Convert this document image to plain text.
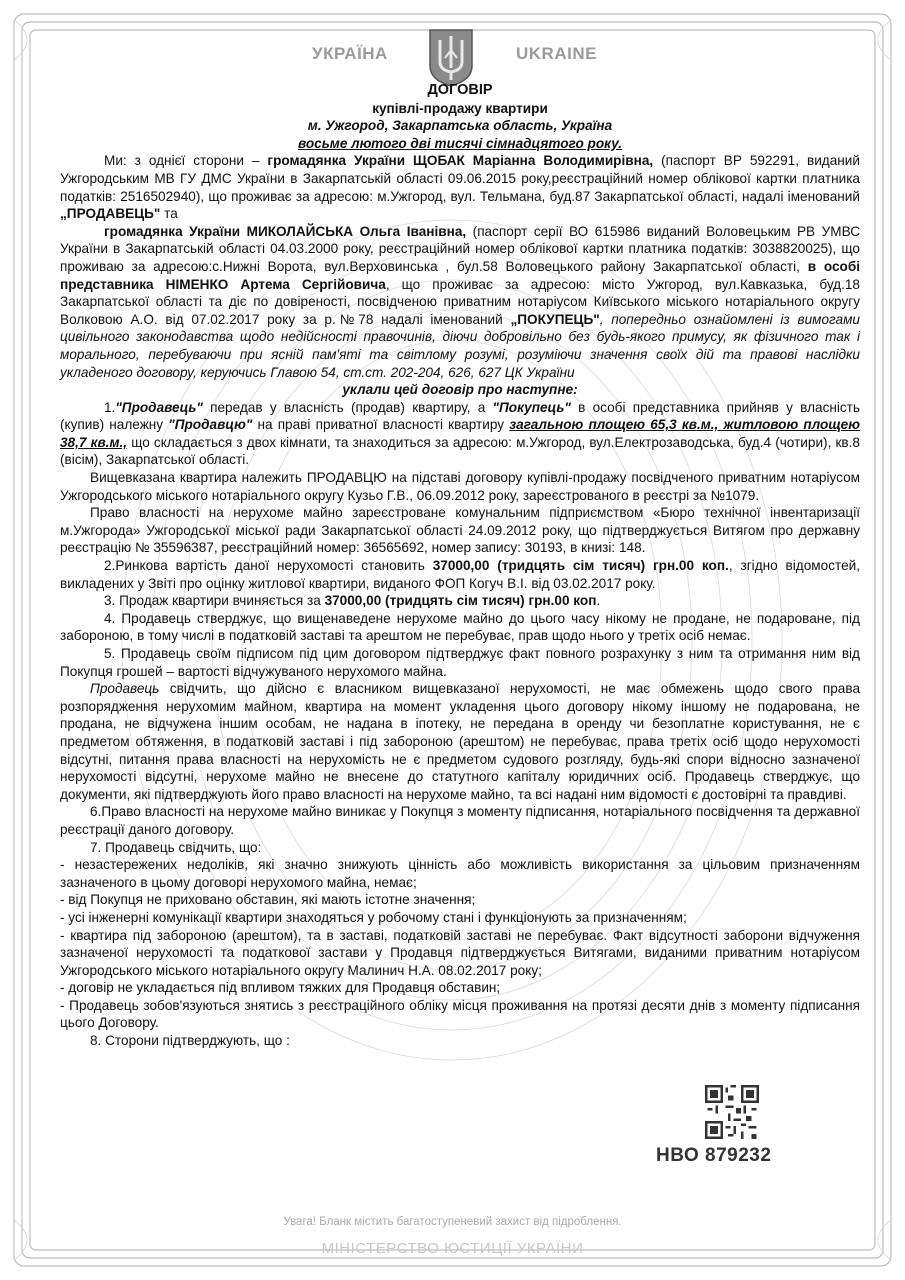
УКРАЇНА	UKRAINE
ДОГОВІР
купівлі-продажу квартири
м. Ужгород, Закарпатська область, Україна
восьме лютого дві тисячі сімнадцятого року.

Ми: з однієї сторони – громадянка України ЩОБАК Маріанна Володимирівна, (паспорт ВР 592291, виданий Ужгородським МВ ГУ ДМС України в Закарпатській області 09.06.2015 року,реєстраційний номер облікової картки платника податків: 2516502940), що проживає за адресою: м.Ужгород, вул. Тельмана, буд.87 Закарпатської області, надалі іменований „ПРОДАВЕЦЬ" та

громадянка України МИКОЛАЙСЬКА Ольга Іванівна, (паспорт серії ВО 615986 виданий Воловецьким РВ УМВС України в Закарпатській області 04.03.2000 року, реєстраційний номер облікової картки платника податків: 3038820025), що проживаю за адресою:с.Нижні Ворота, вул.Верховинська , бул.58 Воловецького району Закарпатської області, в особі представника НІМЕНКО Артема Сергійовича, що проживає за адресою: місто Ужгород, вул.Кавказька, буд.18 Закарпатської області та діє по довіреності, посвідченою приватним нотаріусом Київського міського нотаріального округу Волковою А.О. від 07.02.2017 року за р.№78 надалі іменований „ПОКУПЕЦЬ", попередньо ознайомлені із вимогами цивільного законодавства щодо недійсності правочинів, діючи добровільно без будь-якого примусу, як фізичного так і морального, перебуваючи при ясній пам'яті та світлому розумі, розуміючи значення своїх дій та правові наслідки укладеного договору, керуючись Главою 54, ст.ст. 202-204, 626, 627 ЦК України

уклали цей договір про наступне:

1."Продавець" передав у власність (продав) квартиру, а "Покупець" в особі представника прийняв у власність (купив) належну "Продавцю" на праві приватної власності квартиру загальною площею 65,3 кв.м., житловою площею 38,7 кв.м., що складається з двох кімнати, та знаходиться за адресою: м.Ужгород, вул.Електрозаводська, буд.4 (чотири), кв.8 (вісім), Закарпатської області.

Вищевказана квартира належить ПРОДАВЦЮ на підставі договору купівлі-продажу посвідченого приватним нотаріусом Ужгородського міського нотаріального округу Кузьо Г.В., 06.09.2012 року, зареєстрованого в реєстрі за №1079.

Право власності на нерухоме майно зареєстроване комунальним підприємством «Бюро технічної інвентаризації м.Ужгорода» Ужгородської міської ради Закарпатської області 24.09.2012 року, що підтверджується Витягом про державну реєстрацію № 35596387, реєстраційний номер: 36565692, номер запису: 30193, в книзі: 148.

2.Ринкова вартість даної нерухомості становить 37000,00 (тридцять сім тисяч) грн.00 коп., згідно відомостей, викладених у Звіті про оцінку житлової квартири, виданого ФОП Когуч В.І. від 03.02.2017 року.

3. Продаж квартири вчиняється за 37000,00 (тридцять сім тисяч) грн.00 коп.

4. Продавець стверджує, що вищенаведене нерухоме майно до цього часу нікому не продане, не подароване, під забороною, в тому числі в податковій заставі та арештом не перебуває, прав щодо нього у третіх осіб немає.

5. Продавець своїм підписом під цим договором підтверджує факт повного розрахунку з ним та отримання ним від Покупця грошей – вартості відчужуваного нерухомого майна.

Продавець свідчить, що дійсно є власником вищевказаної нерухомості, не має обмежень щодо свого права розпорядження нерухомим майном, квартира на момент укладення цього договору нікому іншому не подарована, не продана, не відчужена іншим особам, не надана в іпотеку, не передана в оренду чи безоплатне користування, не є предметом обтяження, в податковій заставі і під забороною (арештом) не перебуває, права третіх осіб щодо нерухомості відсутні, питання права власності на нерухомість не є предметом судового розгляду, будь-які спори відносно зазначеної нерухомості відсутні, нерухоме майно не внесене до статутного капіталу юридичних осіб. Продавець стверджує, що документи, які підтверджують його право власності на нерухоме майно, та всі надані ним відомості є достовірні та правдиві.

6.Право власності на нерухоме майно виникає у Покупця з моменту підписання, нотаріального посвідчення та державної реєстрації даного договору.

7. Продавець свідчить, що:

- незастережених недоліків, які значно знижують цінність або можливість використання за цільовим призначенням зазначеного в цьому договорі нерухомого майна, немає;

- від Покупця не приховано обставин, які мають істотне значення;

- усі інженерні комунікації квартири знаходяться у робочому стані і функціонують за призначенням;

- квартира під забороною (арештом), та в заставі, податковій заставі не перебуває. Факт відсутності заборони відчуження зазначеної нерухомості та податкової застави у Продавця підтверджується Витягами, виданими приватним нотаріусом Ужгородського міського нотаріального округу Малинич Н.А. 08.02.2017 року;

- договір не укладається під впливом тяжких для Продавця обставин;

- Продавець зобов'язуються знятись з реєстраційного обліку місця проживання на протязі десяти днів з моменту підписання цього Договору.

8. Сторони підтверджують, що :

НВО 879232
Увага! Бланк містить багатоступеневий захист від підроблення.
МІНІСТЕРСТВО ЮСТИЦІЇ УКРАЇНИ
